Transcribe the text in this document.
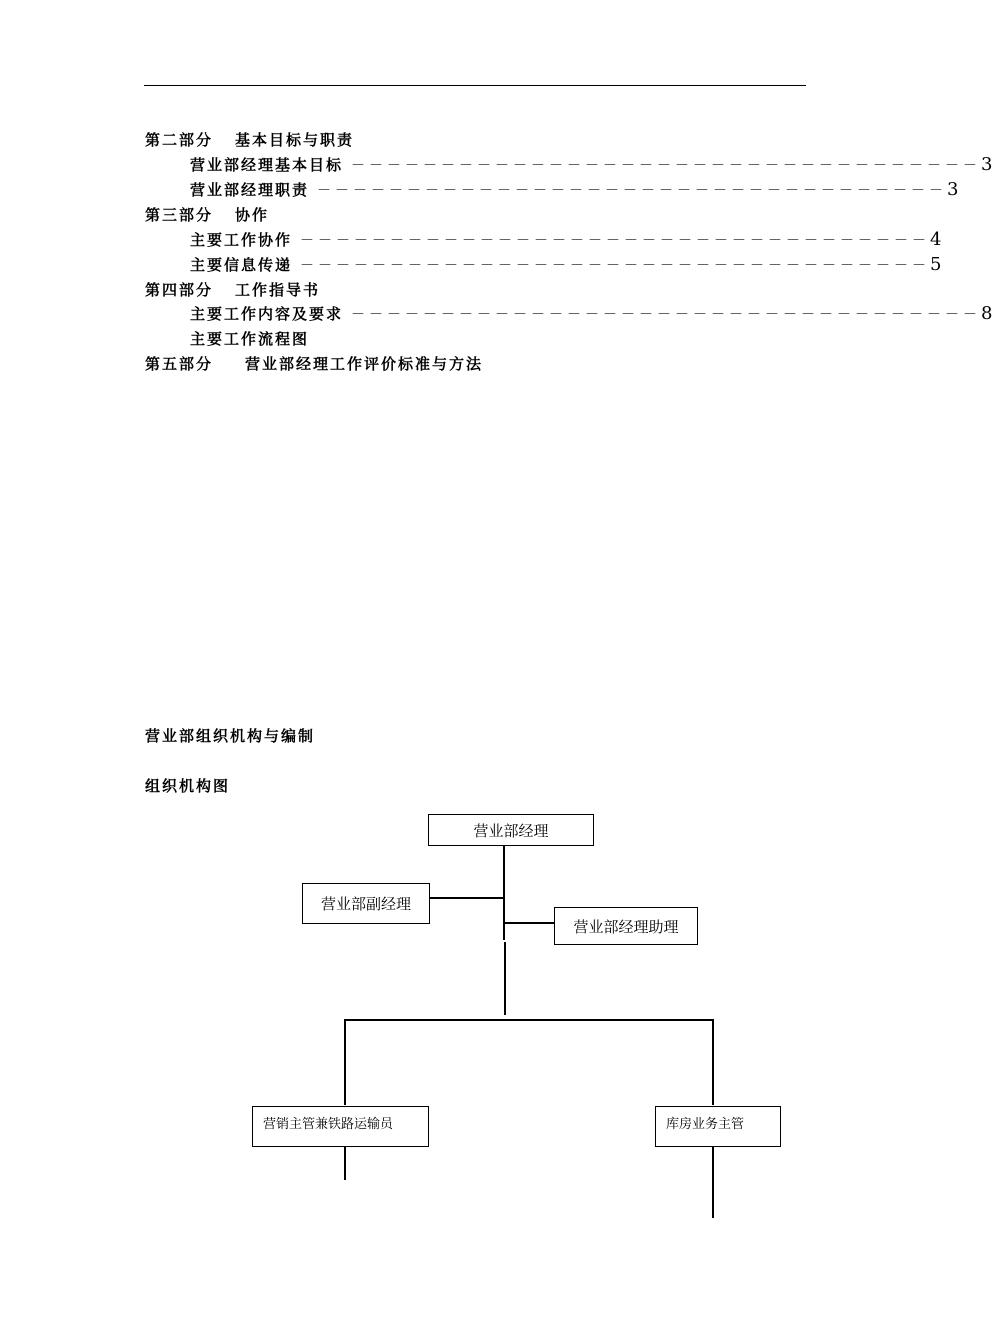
第二部分 基本目标与职责
营业部经理基本目标 －－－－－－－－－－－－－－－－－－－－－－－－－－－－－－－－－－－ 3
营业部经理职责 －－－－－－－－－－－－－－－－－－－－－－－－－－－－－－－－－－－ 3
第三部分 协作
主要工作协作 －－－－－－－－－－－－－－－－－－－－－－－－－－－－－－－－－－－ 4
主要信息传递 －－－－－－－－－－－－－－－－－－－－－－－－－－－－－－－－－－－ 5
第四部分 工作指导书
主要工作内容及要求 －－－－－－－－－－－－－－－－－－－－－－－－－－－－－－－－－－－ 8
主要工作流程图
第五部分 营业部经理工作评价标准与方法
营业部组织机构与编制
组织机构图
营业部经理
营业部副经理
营业部经理助理
营销主管兼铁路运输员	库房业务主管
